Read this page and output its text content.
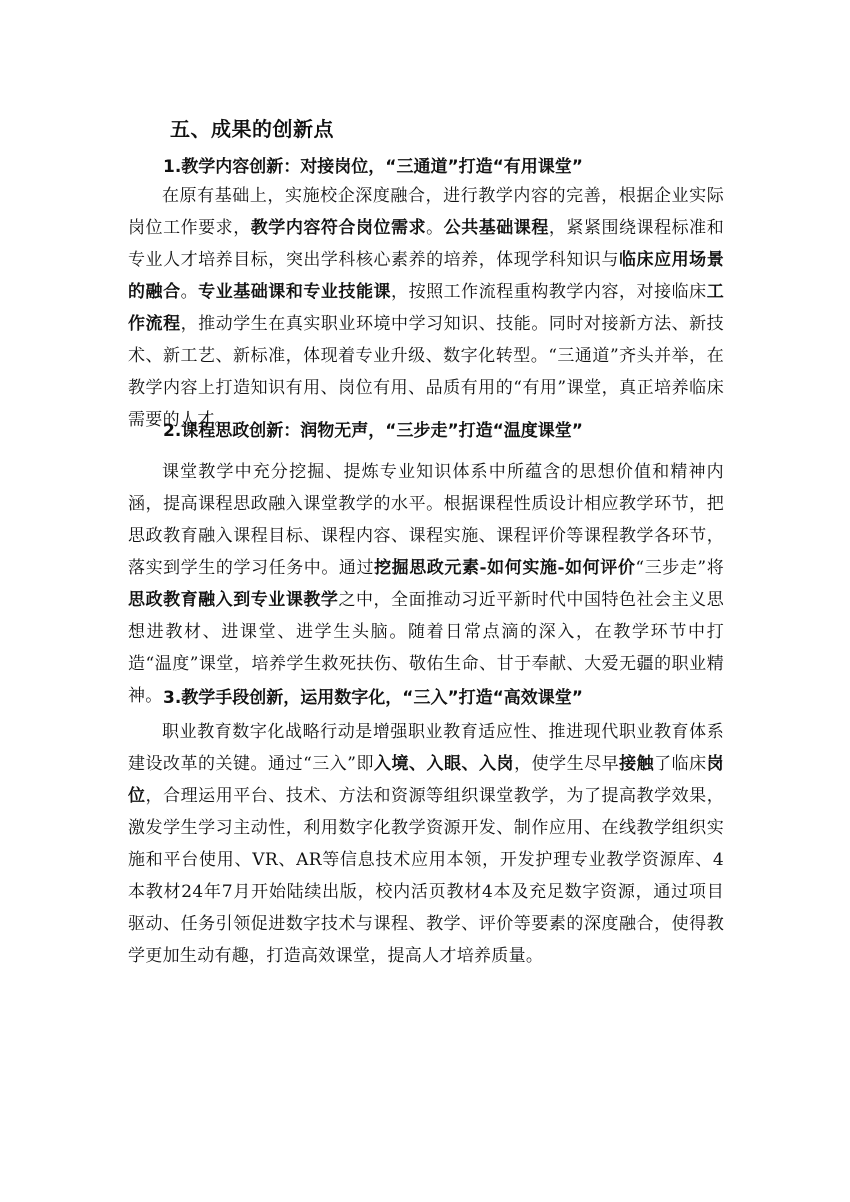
五、成果的创新点
1.教学内容创新：对接岗位，“三通道”打造“有用课堂”

在原有基础上，实施校企深度融合，进行教学内容的完善，根据企业实际岗位工作要求，教学内容符合岗位需求。公共基础课程，紧紧围绕课程标准和专业人才培养目标，突出学科核心素养的培养，体现学科知识与临床应用场景的融合。专业基础课和专业技能课，按照工作流程重构教学内容，对接临床工作流程，推动学生在真实职业环境中学习知识、技能。同时对接新方法、新技术、新工艺、新标准，体现着专业升级、数字化转型。“三通道”齐头并举，在教学内容上打造知识有用、岗位有用、品质有用的“有用”课堂，真正培养临床需要的人才。

2.课程思政创新：润物无声，“三步走”打造“温度课堂”

课堂教学中充分挖掘、提炼专业知识体系中所蕴含的思想价值和精神内涵，提高课程思政融入课堂教学的水平。根据课程性质设计相应教学环节，把思政教育融入课程目标、课程内容、课程实施、课程评价等课程教学各环节，落实到学生的学习任务中。通过挖掘思政元素-如何实施-如何评价“三步走”将思政教育融入到专业课教学之中，全面推动习近平新时代中国特色社会主义思想进教材、进课堂、进学生头脑。随着日常点滴的深入，在教学环节中打造“温度”课堂，培养学生救死扶伤、敬佑生命、甘于奉献、大爱无疆的职业精神。 3.教学手段创新，运用数字化，“三入”打造“高效课堂”

职业教育数字化战略行动是增强职业教育适应性、推进现代职业教育体系建设改革的关键。通过“三入”即入境、入眼、入岗，使学生尽早接触了临床岗位，合理运用平台、技术、方法和资源等组织课堂教学，为了提高教学效果，激发学生学习主动性，利用数字化教学资源开发、制作应用、在线教学组织实施和平台使用、VR、AR等信息技术应用本领，开发护理专业教学资源库、4本教材24年7月开始陆续出版，校内活页教材4本及充足数字资源，通过项目驱动、任务引领促进数字技术与课程、教学、评价等要素的深度融合，使得教学更加生动有趣，打造高效课堂，提高人才培养质量。
